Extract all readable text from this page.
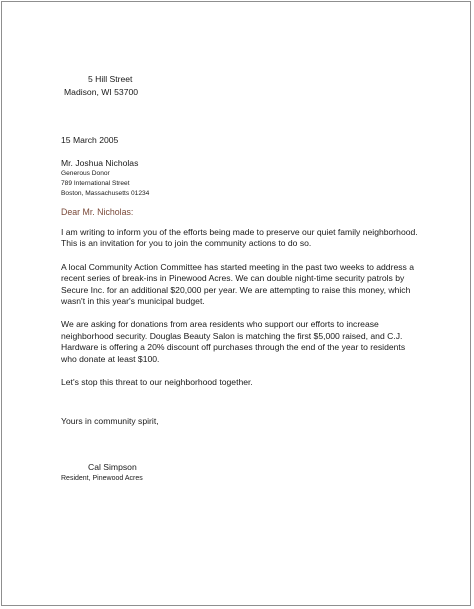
5 Hill Street
Madison, WI 53700
15 March 2005
Mr. Joshua Nicholas
Generous Donor
789 International Street
Boston, Massachusetts 01234
Dear Mr. Nicholas:

I am writing to inform you of the efforts being made to preserve our quiet family neighborhood. This is an invitation for you to join the community actions to do so.

A local Community Action Committee has started meeting in the past two weeks to address a recent series of break-ins in Pinewood Acres. We can double night-time security patrols by Secure Inc. for an additional $20,000 per year. We are attempting to raise this money, which wasn't in this year's municipal budget.

We are asking for donations from area residents who support our efforts to increase neighborhood security. Douglas Beauty Salon is matching the first $5,000 raised, and C.J. Hardware is offering a 20% discount off purchases through the end of the year to residents who donate at least $100.

Let's stop this threat to our neighborhood together.

Yours in community spirit,
Cal Simpson
Resident, Pinewood Acres
